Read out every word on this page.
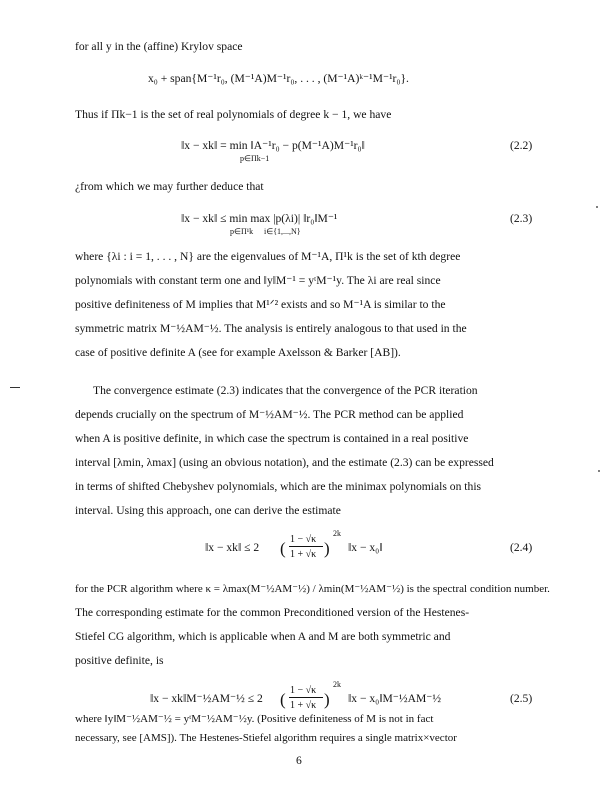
for all y in the (affine) Krylov space
x₀ + span{M⁻¹r₀, (M⁻¹A)M⁻¹r₀, . . . , (M⁻¹A)ᵏ⁻¹M⁻¹r₀}.
Thus if Πk−1 is the set of real polynomials of degree k − 1, we have
‖x − xk‖ = min ‖A⁻¹r₀ − p(M⁻¹A)M⁻¹r₀‖
p∈Πk−1
(2.2)
¿from which we may further deduce that
‖x − xk‖ ≤ min max |p(λi)| ‖r₀‖M⁻¹
p∈Π¹k i∈{1,...,N}
(2.3)
where {λi : i = 1, . . . , N} are the eigenvalues of M⁻¹A, Π¹k is the set of kth degree
polynomials with constant term one and ‖y‖M⁻¹ = yᵗM⁻¹y. The λi are real since
positive definiteness of M implies that M¹ᐟ² exists and so M⁻¹A is similar to the
symmetric matrix M⁻½AM⁻½. The analysis is entirely analogous to that used in the
case of positive definite A (see for example Axelsson & Barker [AB]).
The convergence estimate (2.3) indicates that the convergence of the PCR iteration
depends crucially on the spectrum of M⁻½AM⁻½. The PCR method can be applied
when A is positive definite, in which case the spectrum is contained in a real positive
interval [λmin, λmax] (using an obvious notation), and the estimate (2.3) can be expressed
in terms of shifted Chebyshev polynomials, which are the minimax polynomials on this
interval. Using this approach, one can derive the estimate
‖x − xk‖ ≤ 2 ( 1 − √κ
1 + √κ )
2k
‖x − x₀‖	(2.4)
for the PCR algorithm where κ = λmax(M⁻½AM⁻½) / λmin(M⁻½AM⁻½) is the spectral condition number.
The corresponding estimate for the common Preconditioned version of the Hestenes-
Stiefel CG algorithm, which is applicable when A and M are both symmetric and
positive definite, is
‖x − xk‖M⁻½AM⁻½ ≤ 2 ( 1 − √κ
1 + √κ )
2k
‖x − x₀‖M⁻½AM⁻½	(2.5)
where ‖y‖M⁻½AM⁻½ = yᵗM⁻½AM⁻½y. (Positive definiteness of M is not in fact
necessary, see [AMS]). The Hestenes-Stiefel algorithm requires a single matrix×vector
6
